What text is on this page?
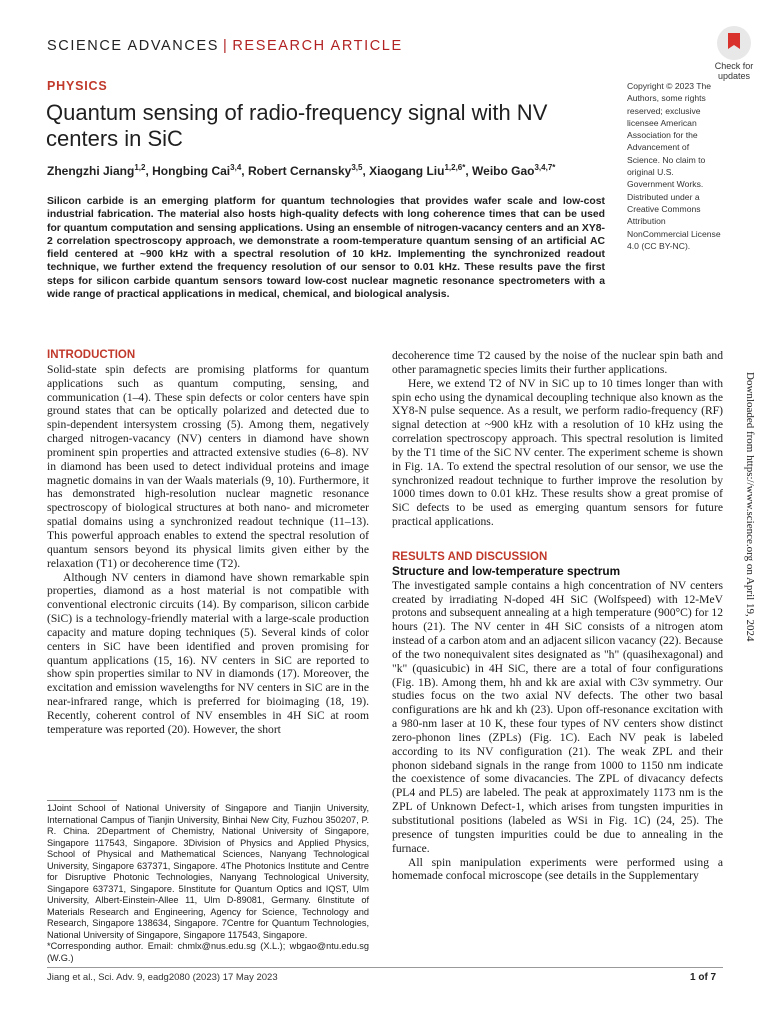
SCIENCE ADVANCES | RESEARCH ARTICLE
Check for
updates
PHYSICS
Quantum sensing of radio-frequency signal with NV centers in SiC
Zhengzhi Jiang$^{1,2}$, Hongbing Cai$^{3,4}$, Robert Cernansky$^{3,5}$, Xiaogang Liu$^{1,2,6*}$, Weibo Gao$^{3,4,7*}$
Silicon carbide is an emerging platform for quantum technologies that provides wafer scale and low-cost industrial fabrication. The material also hosts high-quality defects with long coherence times that can be used for quantum computation and sensing applications. Using an ensemble of nitrogen-vacancy centers and an XY8-2 correlation spectroscopy approach, we demonstrate a room-temperature quantum sensing of an artificial AC field centered at ~900 kHz with a spectral resolution of 10 kHz. Implementing the synchronized readout technique, we further extend the frequency resolution of our sensor to 0.01 kHz. These results pave the first steps for silicon carbide quantum sensors toward low-cost nuclear magnetic resonance spectrometers with a wide range of practical applications in medical, chemical, and biological analysis.
Copyright © 2023 The Authors, some rights reserved; exclusive licensee American Association for the Advancement of Science. No claim to original U.S. Government Works. Distributed under a Creative Commons Attribution NonCommercial License 4.0 (CC BY-NC).
INTRODUCTION

Solid-state spin defects are promising platforms for quantum applications such as quantum computing, sensing, and communication (1–4). These spin defects or color centers have spin ground states that can be optically polarized and detected due to spin-dependent intersystem crossing (5). Among them, negatively charged nitrogen-vacancy (NV) centers in diamond have shown prominent spin properties and attracted extensive studies (6–8). NV in diamond has been used to detect individual proteins and image magnetic domains in van der Waals materials (9, 10). Furthermore, it has demonstrated high-resolution nuclear magnetic resonance spectroscopy of biological structures at both nano- and micrometer spatial domains using a synchronized readout technique (11–13). This powerful approach enables to extend the spectral resolution of quantum sensors beyond its physical limits given either by the relaxation (T1) or decoherence time (T2).

Although NV centers in diamond have shown remarkable spin properties, diamond as a host material is not compatible with conventional electronic circuits (14). By comparison, silicon carbide (SiC) is a technology-friendly material with a large-scale production capacity and mature doping techniques (5). Several kinds of color centers in SiC have been identified and proven promising for quantum applications (15, 16). NV centers in SiC are reported to show spin properties similar to NV in diamonds (17). Moreover, the excitation and emission wavelengths for NV centers in SiC are in the near-infrared range, which is preferred for bioimaging (18, 19). Recently, coherent control of NV ensembles in 4H SiC at room temperature was reported (20). However, the short

decoherence time T2 caused by the noise of the nuclear spin bath and other paramagnetic species limits their further applications.

Here, we extend T2 of NV in SiC up to 10 times longer than with spin echo using the dynamical decoupling technique also known as the XY8-N pulse sequence. As a result, we perform radio-frequency (RF) signal detection at ~900 kHz with a resolution of 10 kHz using the correlation spectroscopy approach. This spectral resolution is limited by the T1 time of the SiC NV center. The experiment scheme is shown in Fig. 1A. To extend the spectral resolution of our sensor, we use the synchronized readout technique to further improve the resolution by 1000 times down to 0.01 kHz. These results show a great promise of SiC defects to be used as emerging quantum sensors for future practical applications.

RESULTS AND DISCUSSION
Structure and low-temperature spectrum

The investigated sample contains a high concentration of NV centers created by irradiating N-doped 4H SiC (Wolfspeed) with 12-MeV protons and subsequent annealing at a high temperature (900°C) for 12 hours (21). The NV center in 4H SiC consists of a nitrogen atom instead of a carbon atom and an adjacent silicon vacancy (22). Because of the two nonequivalent sites designated as "h" (quasihexagonal) and "k" (quasicubic) in 4H SiC, there are a total of four configurations (Fig. 1B). Among them, hh and kk are axial with C3v symmetry. Our studies focus on the two axial NV defects. The other two basal configurations are hk and kh (23). Upon off-resonance excitation with a 980-nm laser at 10 K, these four types of NV centers show distinct zero-phonon lines (ZPLs) (Fig. 1C). Each NV peak is labeled according to its NV configuration (21). The weak ZPL and their phonon sideband signals in the range from 1000 to 1150 nm indicate the coexistence of some divacancies. The ZPL of divacancy defects (PL4 and PL5) are labeled. The peak at approximately 1173 nm is the ZPL of Unknown Defect-1, which arises from tungsten impurities in substitutional positions (labeled as WSi in Fig. 1C) (24, 25). The presence of tungsten impurities could be due to annealing in the furnace.

All spin manipulation experiments were performed using a homemade confocal microscope (see details in the Supplementary

1Joint School of National University of Singapore and Tianjin University, International Campus of Tianjin University, Binhai New City, Fuzhou 350207, P. R. China. 2Department of Chemistry, National University of Singapore, Singapore 117543, Singapore. 3Division of Physics and Applied Physics, School of Physical and Mathematical Sciences, Nanyang Technological University, Singapore 637371, Singapore. 4The Photonics Institute and Centre for Disruptive Photonic Technologies, Nanyang Technological University, Singapore 637371, Singapore. 5Institute for Quantum Optics and IQST, Ulm University, Albert-Einstein-Allee 11, Ulm D-89081, Germany. 6Institute of Materials Research and Engineering, Agency for Science, Technology and Research, Singapore 138634, Singapore. 7Centre for Quantum Technologies, National University of Singapore, Singapore 117543, Singapore.
*Corresponding author. Email: chmlx@nus.edu.sg (X.L.); wbgao@ntu.edu.sg (W.G.)
Jiang et al., Sci. Adv. 9, eadg2080 (2023) 17 May 2023	1 of 7
Downloaded from https://www.science.org on April 19, 2024
